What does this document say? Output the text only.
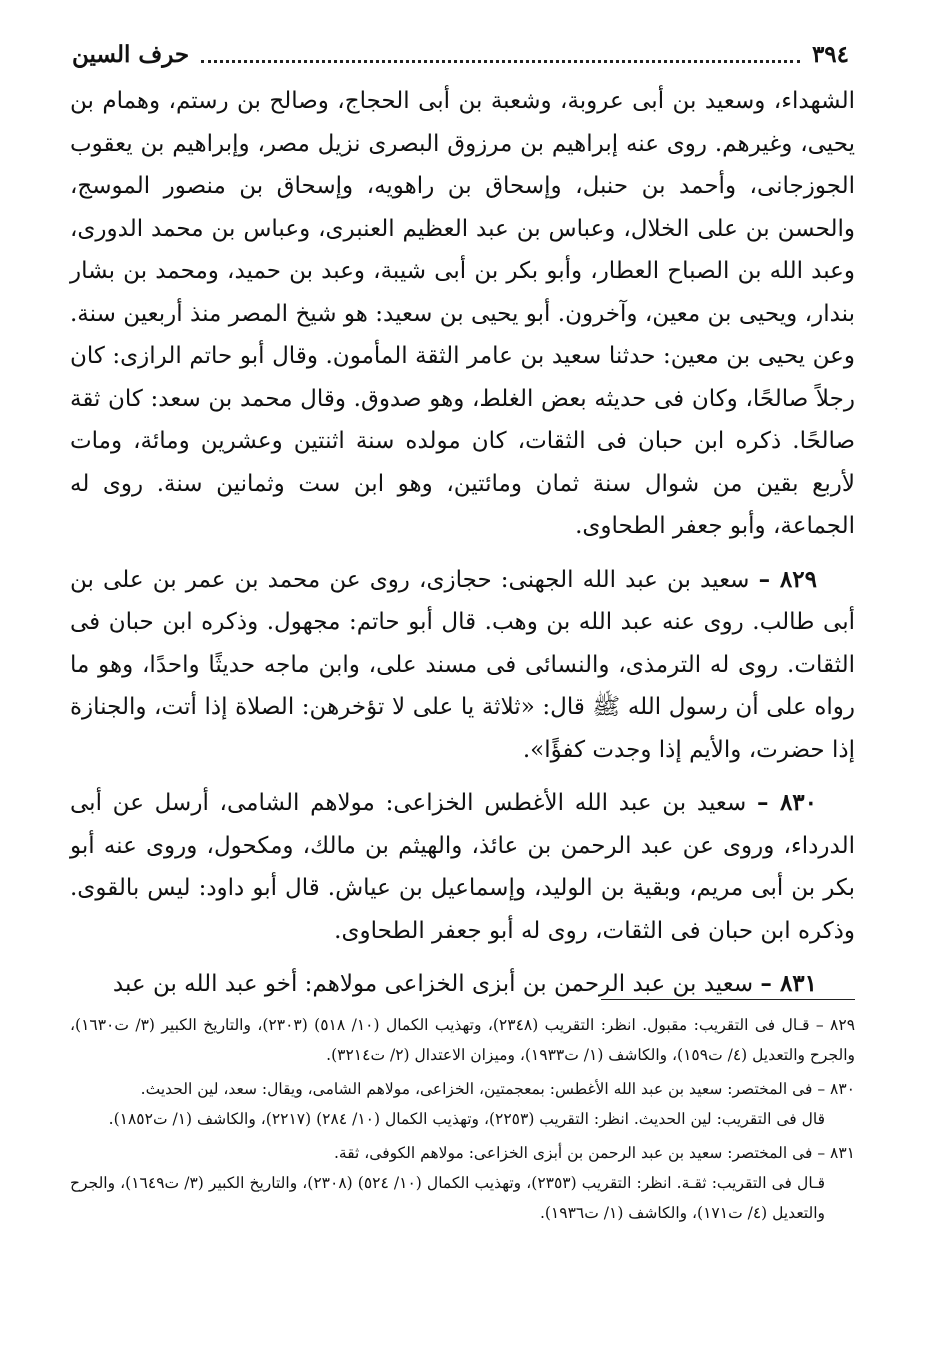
٣٩٤
حرف السين

الشهداء، وسعيد بن أبى عروبة، وشعبة بن أبى الحجاج، وصالح بن رستم، وهمام بن يحيى، وغيرهم. روى عنه إبراهيم بن مرزوق البصرى نزيل مصر، وإبراهيم بن يعقوب الجوزجانى، وأحمد بن حنبل، وإسحاق بن راهويه، وإسحاق بن منصور الموسج، والحسن بن على الخلال، وعباس بن عبد العظيم العنبرى، وعباس بن محمد الدورى، وعبد الله بن الصباح العطار، وأبو بكر بن أبى شيبة، وعبد بن حميد، ومحمد بن بشار بندار، ويحيى بن معين، وآخرون. أبو يحيى بن سعيد: هو شيخ المصر منذ أربعين سنة. وعن يحيى بن معين: حدثنا سعيد بن عامر الثقة المأمون. وقال أبو حاتم الرازى: كان رجلاً صالحًا، وكان فى حديثه بعض الغلط، وهو صدوق. وقال محمد بن سعد: كان ثقة صالحًا. ذكره ابن حبان فى الثقات، كان مولده سنة اثنتين وعشرين ومائة، ومات لأربع بقين من شوال سنة ثمان ومائتين، وهو ابن ست وثمانين سنة. روى له الجماعة، وأبو جعفر الطحاوى.

٨٢٩ – سعيد بن عبد الله الجهنى: حجازى، روى عن محمد بن عمر بن على بن أبى طالب. روى عنه عبد الله بن وهب. قال أبو حاتم: مجهول. وذكره ابن حبان فى الثقات. روى له الترمذى، والنسائى فى مسند على، وابن ماجه حديثًا واحدًا، وهو ما رواه على أن رسول الله ﷺ قال: «ثلاثة يا على لا تؤخرهن: الصلاة إذا أتت، والجنازة إذا حضرت، والأيم إذا وجدت كفؤًا».

٨٣٠ – سعيد بن عبد الله الأغطس الخزاعى: مولاهم الشامى، أرسل عن أبى الدرداء، وروى عن عبد الرحمن بن عائذ، والهيثم بن مالك، ومكحول، وروى عنه أبو بكر بن أبى مريم، وبقية بن الوليد، وإسماعيل بن عياش. قال أبو داود: ليس بالقوى. وذكره ابن حبان فى الثقات، روى له أبو جعفر الطحاوى.

٨٣١ – سعيد بن عبد الرحمن بن أبزى الخزاعى مولاهم: أخو عبد الله بن عبد

٨٢٩ – قـال فى التقريب: مقبول. انظر: التقريب (٢٣٤٨)، وتهذيب الكمال (١٠/ ٥١٨) (٢٣٠٣)، والتاريخ الكبير (٣/ ت١٦٣٠)، والجرح والتعديل (٤/ ت١٥٩)، والكاشف (١/ ت١٩٣٣)، وميزان الاعتدال (٢/ ت٣٢١٤).
٨٣٠ – فى المختصر: سعيد بن عبد الله الأغطس: بمعجمتين، الخزاعى، مولاهم الشامى، ويقال: سعد، لين الحديث.
قال فى التقريب: لين الحديث. انظر: التقريب (٢٢٥٣)، وتهذيب الكمال (١٠/ ٢٨٤) (٢٢١٧)، والكاشف (١/ ت١٨٥٢).
٨٣١ – فى المختصر: سعيد بن عبد الرحمن بن أبزى الخزاعى: مولاهم الكوفى، ثقة.
قـال فى التقريب: ثقـة. انظر: التقريب (٢٣٥٣)، وتهذيب الكمال (١٠/ ٥٢٤) (٢٣٠٨)، والتاريخ الكبير (٣/ ت١٦٤٩)، والجرح والتعديل (٤/ ت١٧١)، والكاشف (١/ ت١٩٣٦).
